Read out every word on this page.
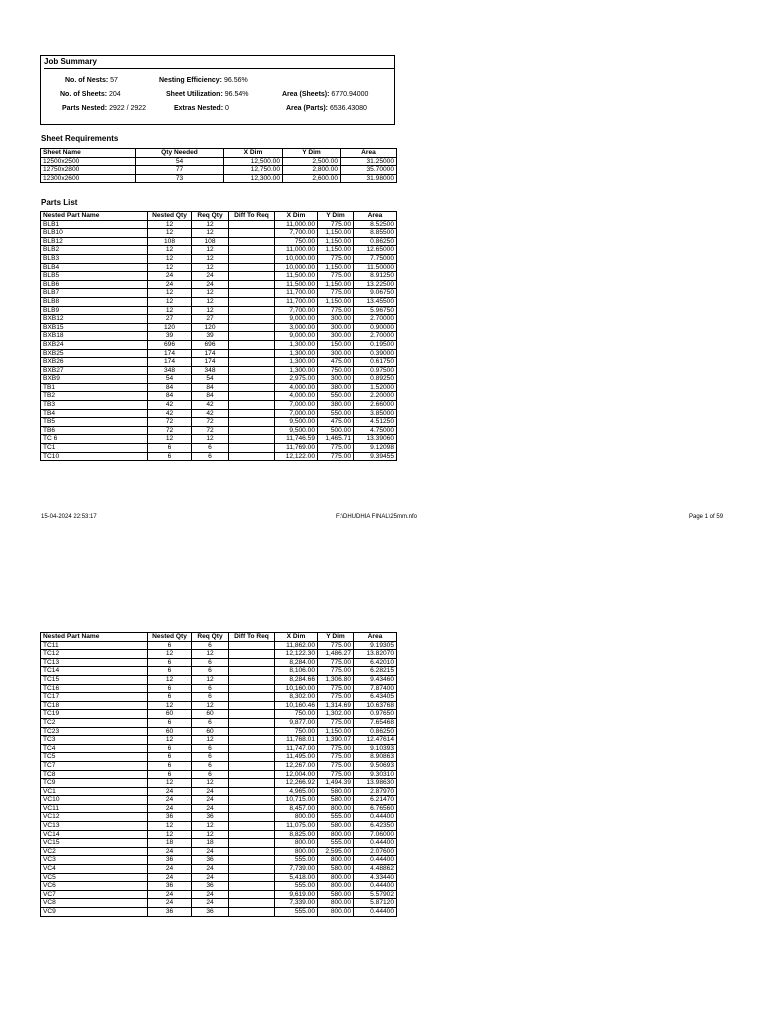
Job Summary
No. of Nests: 57	Nesting Efficiency: 96.56%
No. of Sheets: 204	Sheet Utilization: 96.54%	Area (Sheets): 6770.94000
Parts Nested: 2922 / 2922	Extras Nested: 0	Area (Parts): 6536.43080
Sheet Requirements
Sheet Name	Qty Needed	X Dim	Y Dim	Area
12500x2500	54	12,500.00	2,500.00	31.25000
12750x2800	77	12,750.00	2,800.00	35.70000
12300x2600	73	12,300.00	2,600.00	31.98000
Parts List
Nested Part Name	Nested Qty	Req Qty	Diff To Req	X Dim	Y Dim	Area
BLB1	12	12		11,000.00	775.00	8.52500
BLB10	12	12		7,700.00	1,150.00	8.85500
BLB12	108	108		750.00	1,150.00	0.86250
BLB2	12	12		11,000.00	1,150.00	12.65000
BLB3	12	12		10,000.00	775.00	7.75000
BLB4	12	12		10,000.00	1,150.00	11.50000
BLB5	24	24		11,500.00	775.00	8.91250
BLB6	24	24		11,500.00	1,150.00	13.22500
BLB7	12	12		11,700.00	775.00	9.06750
BLB8	12	12		11,700.00	1,150.00	13.45500
BLB9	12	12		7,700.00	775.00	5.96750
BXB12	27	27		9,000.00	300.00	2.70000
BXB15	120	120		3,000.00	300.00	0.90000
BXB18	39	39		9,000.00	300.00	2.70000
BXB24	696	696		1,300.00	150.00	0.19500
BXB25	174	174		1,300.00	300.00	0.39000
BXB26	174	174		1,300.00	475.00	0.61750
BXB27	348	348		1,300.00	750.00	0.97500
BXB9	54	54		2,975.00	300.00	0.89250
TB1	84	84		4,000.00	380.00	1.52000
TB2	84	84		4,000.00	550.00	2.20000
TB3	42	42		7,000.00	380.00	2.66000
TB4	42	42		7,000.00	550.00	3.85000
TB5	72	72		9,500.00	475.00	4.51250
TB6	72	72		9,500.00	500.00	4.75000
TC 6	12	12		11,746.59	1,465.71	13.39060
TC1	6	6		11,769.00	775.00	9.12098
TC10	6	6		12,122.00	775.00	9.39455
15-04-2024 22:53:17	F:\DHUDHIA FINAL\25mm.nfo	Page 1 of 59
Nested Part Name	Nested Qty	Req Qty	Diff To Req	X Dim	Y Dim	Area
TC11	6	6		11,862.00	775.00	9.19305
TC12	12	12		12,122.30	1,486.27	13.82070
TC13	6	6		8,284.00	775.00	6.42010
TC14	6	6		8,106.00	775.00	6.28215
TC15	12	12		8,284.66	1,306.80	9.43460
TC16	6	6		10,160.00	775.00	7.87400
TC17	6	6		8,302.00	775.00	6.43405
TC18	12	12		10,160.46	1,314.69	10.63768
TC19	60	60		750.00	1,302.00	0.97650
TC2	6	6		9,877.00	775.00	7.65468
TC23	60	60		750.00	1,150.00	0.86250
TC3	12	12		11,768.01	1,390.07	12.47614
TC4	6	6		11,747.00	775.00	9.10393
TC5	6	6		11,495.00	775.00	8.90863
TC7	6	6		12,267.00	775.00	9.50693
TC8	6	6		12,004.00	775.00	9.30310
TC9	12	12		12,266.92	1,494.39	13.98630
VC1	24	24		4,965.00	580.00	2.87970
VC10	24	24		10,715.00	580.00	6.21470
VC11	24	24		8,457.00	800.00	6.76560
VC12	36	36		800.00	555.00	0.44400
VC13	12	12		11,075.00	580.00	6.42350
VC14	12	12		8,825.00	800.00	7.06000
VC15	18	18		800.00	555.00	0.44400
VC2	24	24		800.00	2,595.00	2.07600
VC3	36	36		555.00	800.00	0.44400
VC4	24	24		7,739.00	580.00	4.48862
VC5	24	24		5,418.00	800.00	4.33440
VC6	36	36		555.00	800.00	0.44400
VC7	24	24		9,619.00	580.00	5.57902
VC8	24	24		7,339.00	800.00	5.87120
VC9	36	36		555.00	800.00	0.44400
